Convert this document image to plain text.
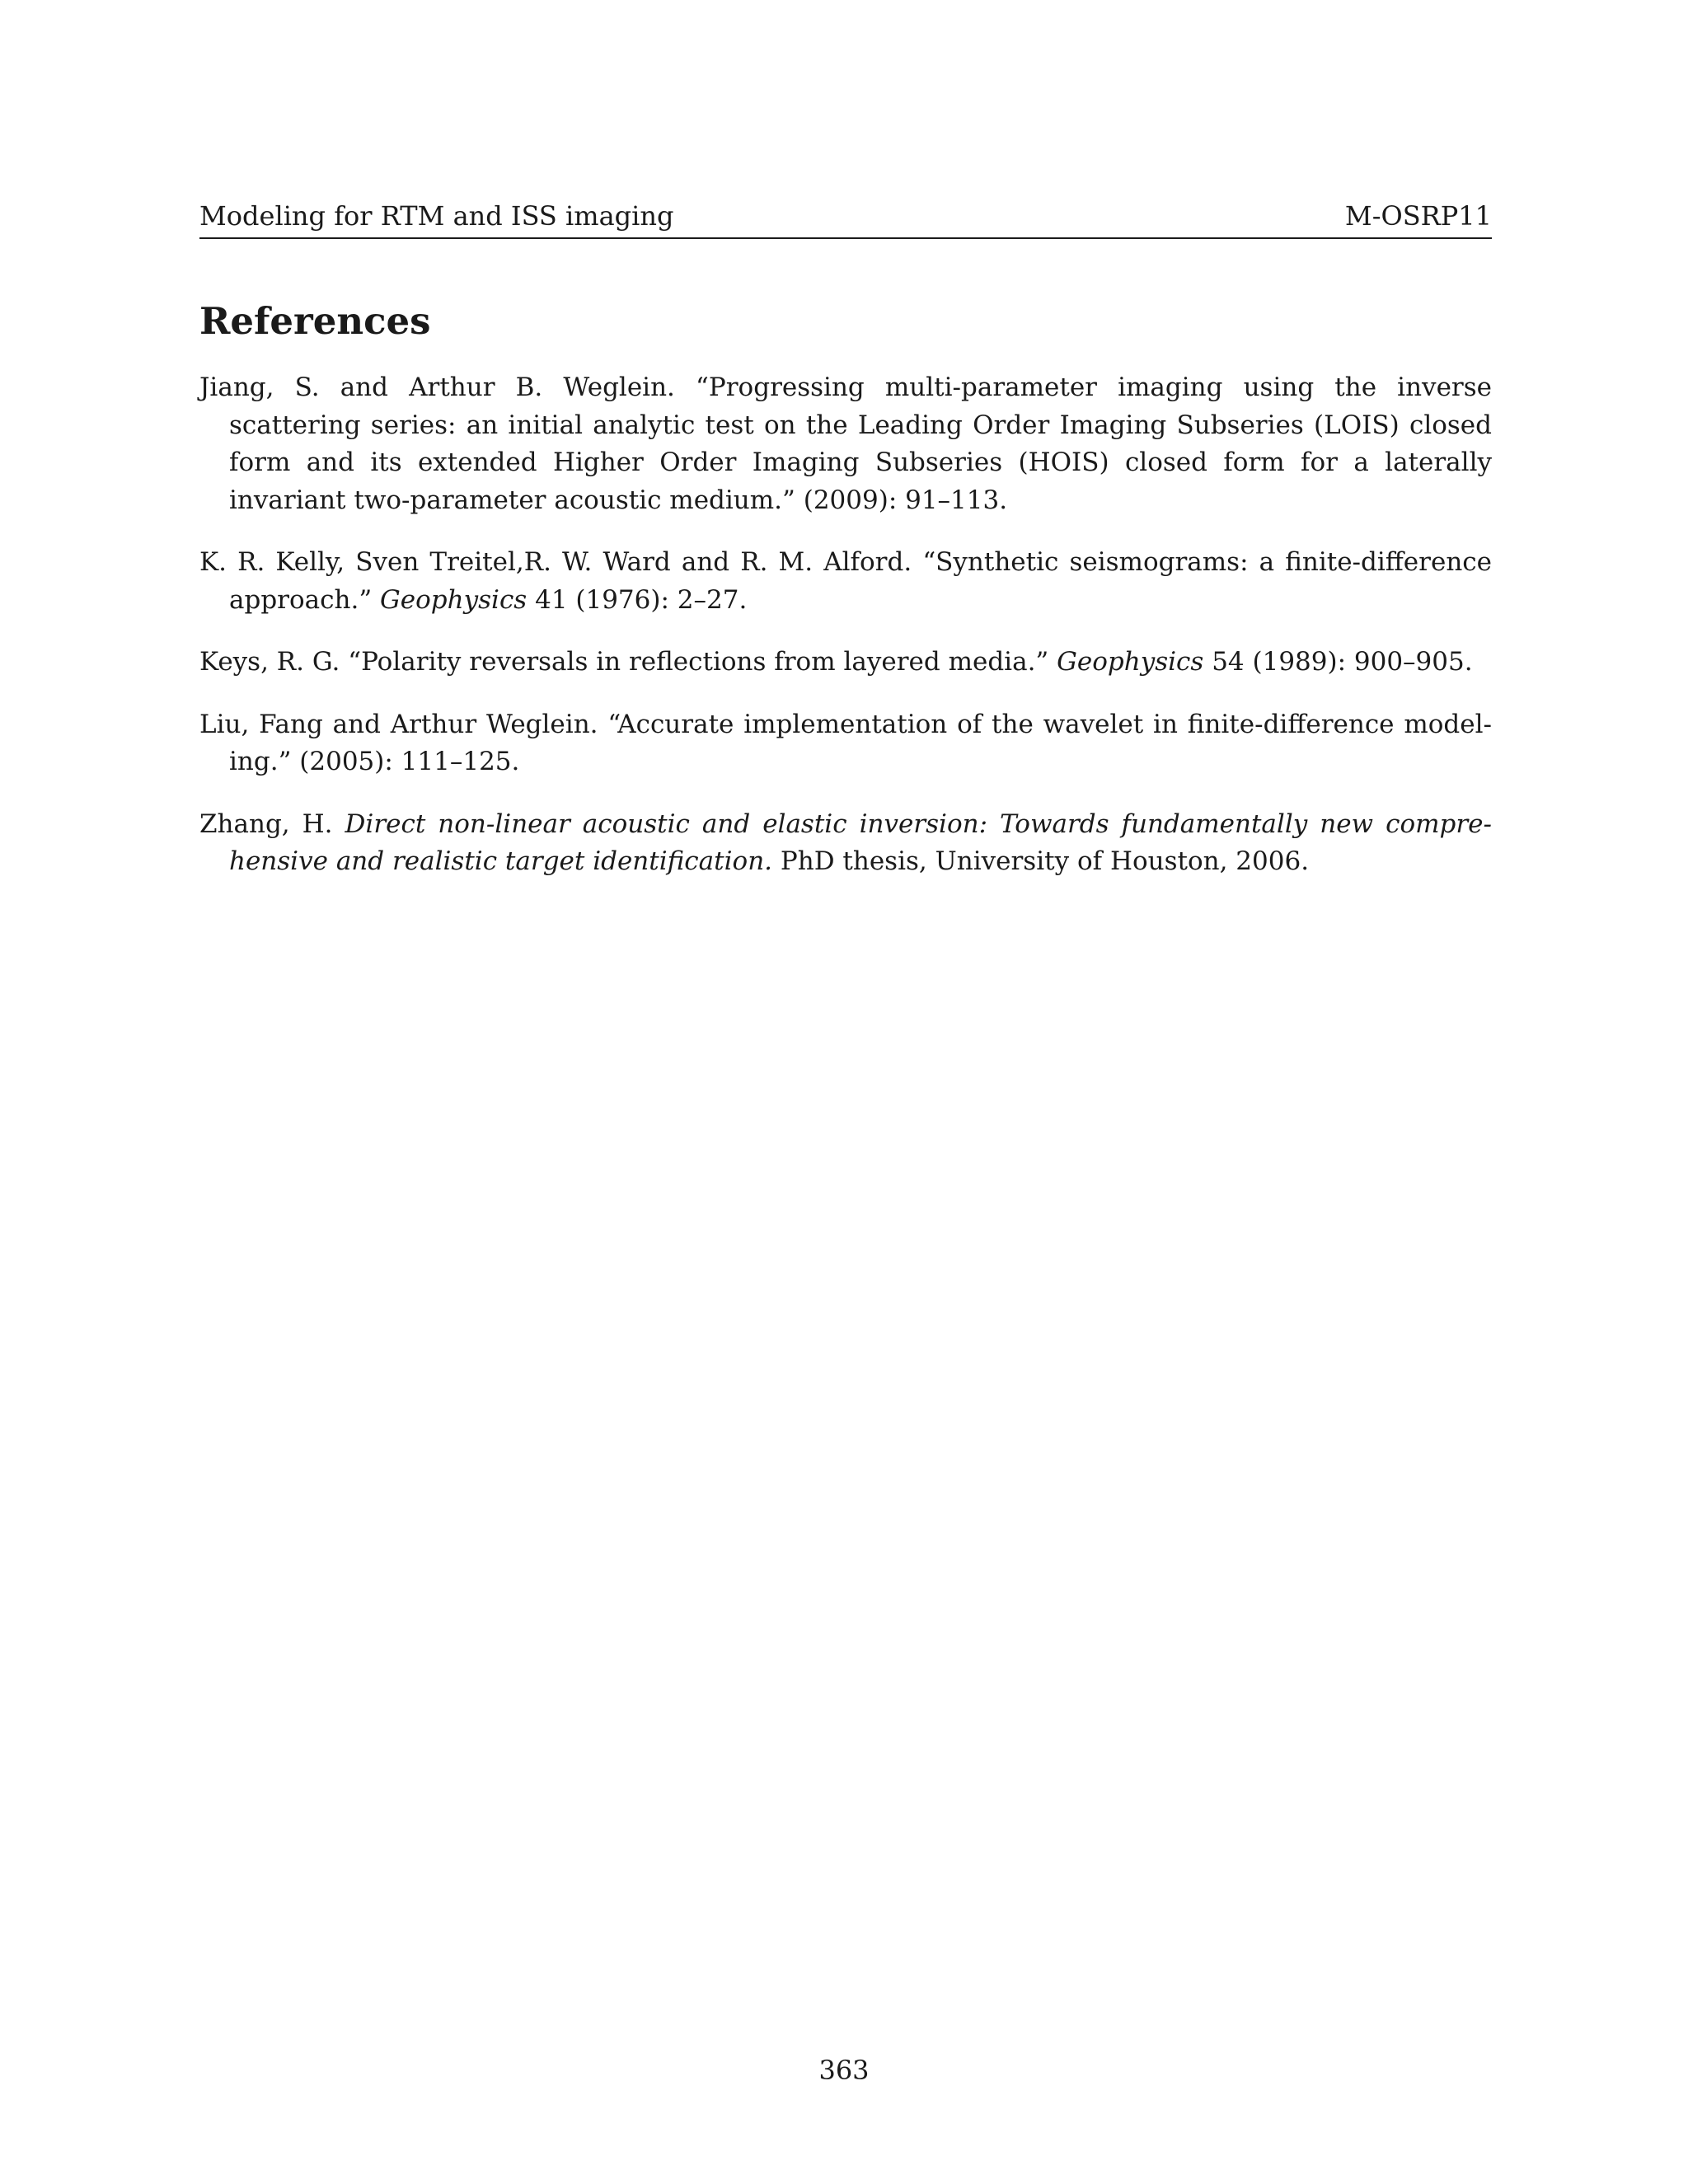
Modeling for RTM and ISS imaging	M-OSRP11
References
Jiang, S. and Arthur B. Weglein. “Progressing multi-parameter imaging using the inverse scattering series: an initial analytic test on the Leading Order Imaging Subseries (LOIS) closed form and its extended Higher Order Imaging Subseries (HOIS) closed form for a laterally invariant two-parameter acoustic medium.” (2009): 91–113.
K. R. Kelly, Sven Treitel,R. W. Ward and R. M. Alford. “Synthetic seismograms: a finite-difference approach.” Geophysics 41 (1976): 2–27.
Keys, R. G. “Polarity reversals in reflections from layered media.” Geophysics 54 (1989): 900–905.
Liu, Fang and Arthur Weglein. “Accurate implementation of the wavelet in finite-difference modeling.” (2005): 111–125.
Zhang, H. Direct non-linear acoustic and elastic inversion: Towards fundamentally new comprehensive and realistic target identification. PhD thesis, University of Houston, 2006.
363
